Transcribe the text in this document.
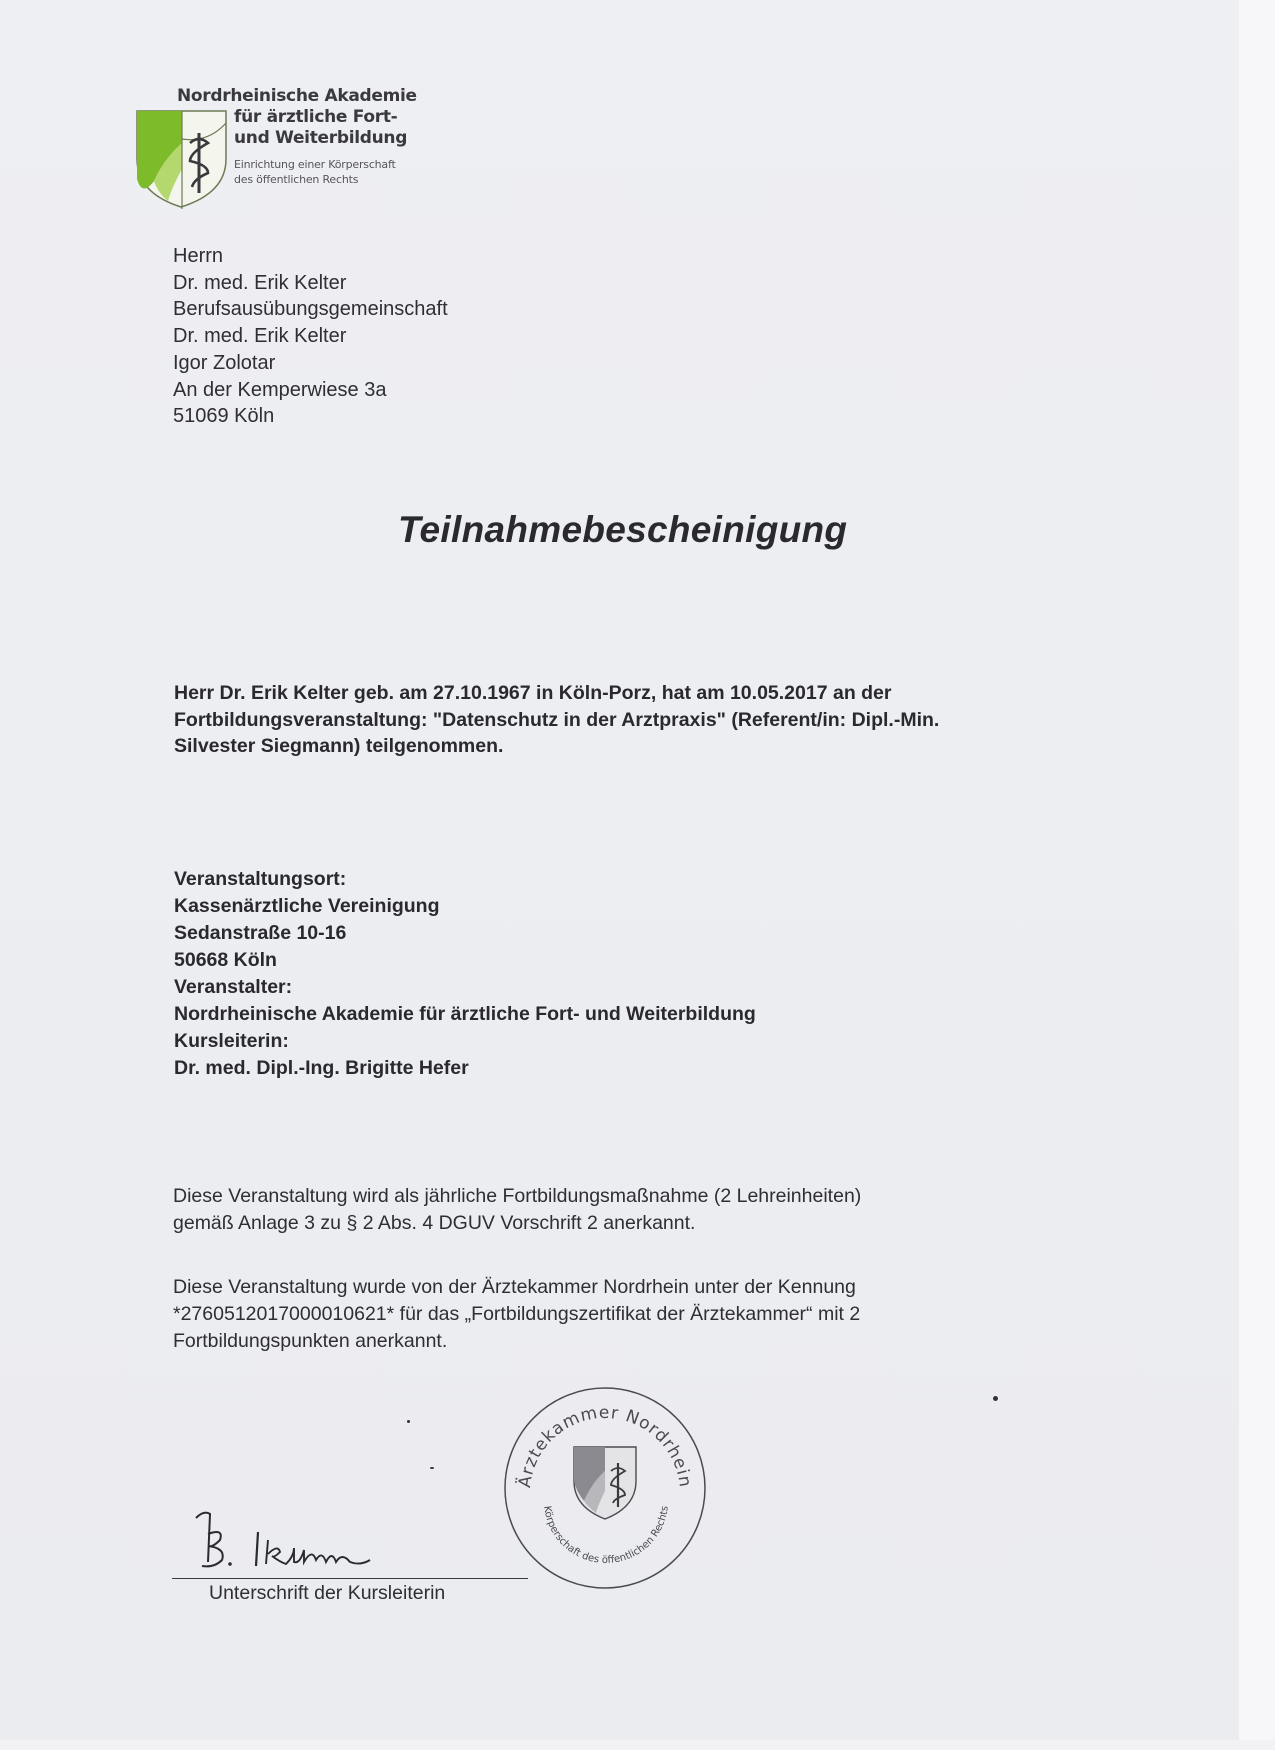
Nordrheinische Akademie
für ärztliche Fort-
und Weiterbildung
Einrichtung einer Körperschaft
des öffentlichen Rechts
Herrn
Dr. med. Erik Kelter
Berufsausübungsgemeinschaft
Dr. med. Erik Kelter
Igor Zolotar
An der Kemperwiese 3a
51069 Köln
Teilnahmebescheinigung
Herr Dr. Erik Kelter geb. am 27.10.1967 in Köln-Porz, hat am 10.05.2017 an der
Fortbildungsveranstaltung: "Datenschutz in der Arztpraxis" (Referent/in: Dipl.-Min.
Silvester Siegmann) teilgenommen.
Veranstaltungsort:
Kassenärztliche Vereinigung
Sedanstraße 10-16
50668 Köln
Veranstalter:
Nordrheinische Akademie für ärztliche Fort- und Weiterbildung
Kursleiterin:
Dr. med. Dipl.-Ing. Brigitte Hefer
Diese Veranstaltung wird als jährliche Fortbildungsmaßnahme (2 Lehreinheiten)
gemäß Anlage 3 zu § 2 Abs. 4 DGUV Vorschrift 2 anerkannt.
Diese Veranstaltung wurde von der Ärztekammer Nordrhein unter der Kennung
*2760512017000010621* für das „Fortbildungszertifikat der Ärztekammer“ mit 2
Fortbildungspunkten anerkannt.
Ärztekammer Nordrhein
Körperschaft des öffentlichen Rechts
Unterschrift der Kursleiterin
